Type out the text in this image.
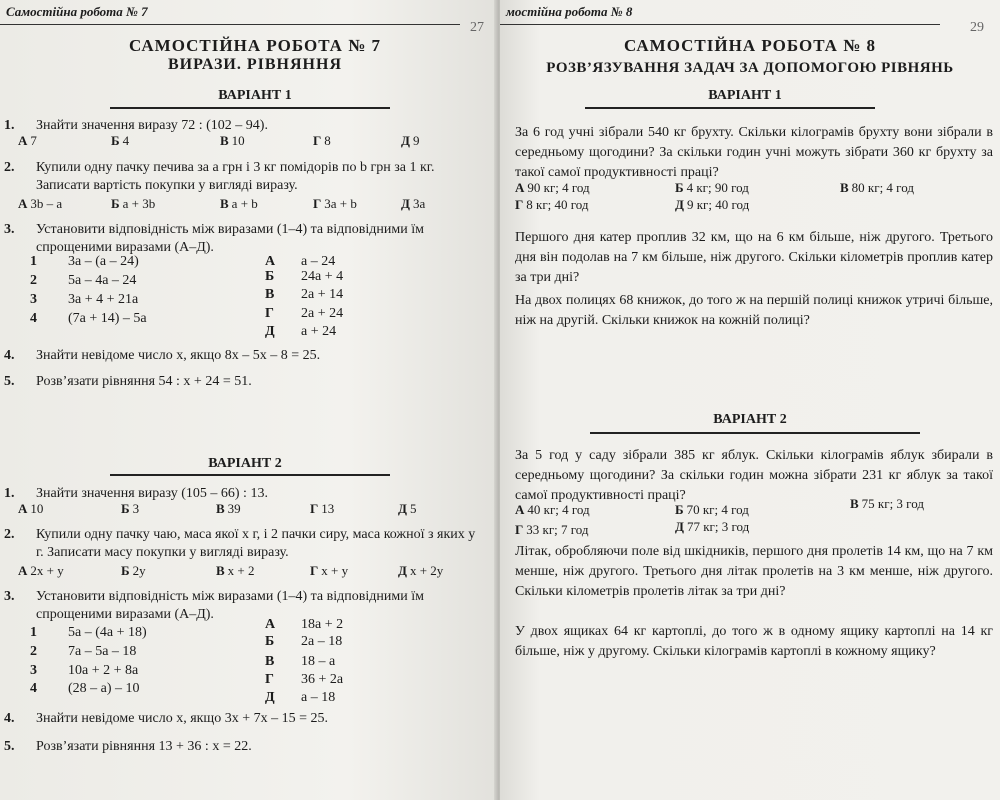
Самостійна робота № 7
27
САМОСТІЙНА РОБОТА № 7
ВИРАЗИ. РІВНЯННЯ
ВАРІАНТ 1
1. Знайти значення виразу 72 : (102 – 94).
А 7	Б 4	В 10	Г 8	Д 9
2. Купили одну пачку печива за a грн і 3 кг помідорів по b грн за 1 кг. Записати вартість покупки у вигляді виразу.
А 3b – a	Б a + 3b	В a + b	Г 3a + b	Д 3a
3. Установити відповідність між виразами (1–4) та відповідними їм спрощеними виразами (А–Д).
1 3a – (a – 24)
2 5a – 4a – 24
3 3a + 4 + 21a
4 (7a + 14) – 5a
А a – 24
Б 24a + 4
В 2a + 14
Г 2a + 24
Д a + 24
4. Знайти невідоме число x, якщо 8x – 5x – 8 = 25.
5. Розв’язати рівняння 54 : x + 24 = 51.
ВАРІАНТ 2
1. Знайти значення виразу (105 – 66) : 13.
А 10	Б 3	В 39	Г 13	Д 5
2. Купили одну пачку чаю, маса якої x г, і 2 пачки сиру, маса кожної з яких y г. Записати масу покупки у вигляді виразу.
А 2x + y	Б 2y	В x + 2	Г x + y	Д x + 2y
3. Установити відповідність між виразами (1–4) та відповідними їм спрощеними виразами (А–Д).
1 5a – (4a + 18)
2 7a – 5a – 18
3 10a + 2 + 8a
4 (28 – a) – 10
А 18a + 2
Б 2a – 18
В 18 – a
Г 36 + 2a
Д a – 18
4. Знайти невідоме число x, якщо 3x + 7x – 15 = 25.
5. Розв’язати рівняння 13 + 36 : x = 22.
мостійна робота № 8
29
САМОСТІЙНА РОБОТА № 8
РОЗВ’ЯЗУВАННЯ ЗАДАЧ ЗА ДОПОМОГОЮ РІВНЯНЬ
ВАРІАНТ 1
За 6 год учні зібрали 540 кг брухту. Скільки кілограмів брухту вони зібрали в середньому щогодини? За скільки годин учні можуть зібрати 360 кг брухту за такої самої продуктивності праці?
А 90 кг; 4 год	Б 4 кг; 90 год	В 80 кг; 4 год
Г 8 кг; 40 год	Д 9 кг; 40 год
Першого дня катер проплив 32 км, що на 6 км більше, ніж другого. Третього дня він подолав на 7 км більше, ніж другого. Скільки кілометрів проплив катер за три дні?
На двох полицях 68 книжок, до того ж на першій полиці книжок утричі більше, ніж на другій. Скільки книжок на кожній полиці?
ВАРІАНТ 2
За 5 год у саду зібрали 385 кг яблук. Скільки кілограмів яблук збирали в середньому щогодини? За скільки годин можна зібрати 231 кг яблук за такої самої продуктивності праці?
А 40 кг; 4 год	Б 70 кг; 4 год	В 75 кг; 3 год
Г 33 кг; 7 год	Д 77 кг; 3 год
Літак, обробляючи поле від шкідників, першого дня пролетів 14 км, що на 7 км менше, ніж другого. Третього дня літак пролетів на 3 км менше, ніж другого. Скільки кілометрів пролетів літак за три дні?
У двох ящиках 64 кг картоплі, до того ж в одному ящику картоплі на 14 кг більше, ніж у другому. Скільки кілограмів картоплі в кожному ящику?
